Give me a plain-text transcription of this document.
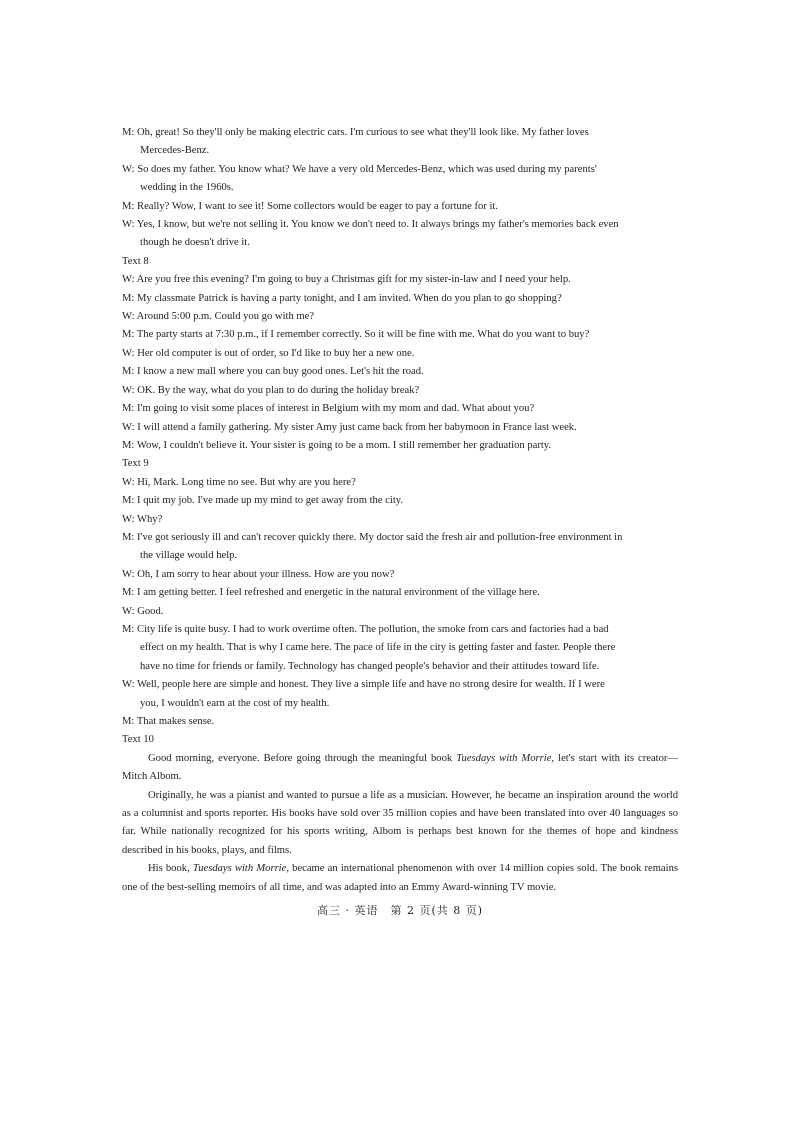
M: Oh, great! So they'll only be making electric cars. I'm curious to see what they'll look like. My father loves
Mercedes-Benz.
W: So does my father. You know what? We have a very old Mercedes-Benz, which was used during my parents'
wedding in the 1960s.
M: Really? Wow, I want to see it! Some collectors would be eager to pay a fortune for it.
W: Yes, I know, but we're not selling it. You know we don't need to. It always brings my father's memories back even
though he doesn't drive it.
Text 8
W: Are you free this evening? I'm going to buy a Christmas gift for my sister-in-law and I need your help.
M: My classmate Patrick is having a party tonight, and I am invited. When do you plan to go shopping?
W: Around 5:00 p.m. Could you go with me?
M: The party starts at 7:30 p.m., if I remember correctly. So it will be fine with me. What do you want to buy?
W: Her old computer is out of order, so I'd like to buy her a new one.
M: I know a new mall where you can buy good ones. Let's hit the road.
W: OK. By the way, what do you plan to do during the holiday break?
M: I'm going to visit some places of interest in Belgium with my mom and dad. What about you?
W: I will attend a family gathering. My sister Amy just came back from her babymoon in France last week.
M: Wow, I couldn't believe it. Your sister is going to be a mom. I still remember her graduation party.
Text 9
W: Hi, Mark. Long time no see. But why are you here?
M: I quit my job. I've made up my mind to get away from the city.
W: Why?
M: I've got seriously ill and can't recover quickly there. My doctor said the fresh air and pollution-free environment in
the village would help.
W: Oh, I am sorry to hear about your illness. How are you now?
M: I am getting better. I feel refreshed and energetic in the natural environment of the village here.
W: Good.
M: City life is quite busy. I had to work overtime often. The pollution, the smoke from cars and factories had a bad
effect on my health. That is why I came here. The pace of life in the city is getting faster and faster. People there
have no time for friends or family. Technology has changed people's behavior and their attitudes toward life.
W: Well, people here are simple and honest. They live a simple life and have no strong desire for wealth. If I were
you, I wouldn't earn at the cost of my health.
M: That makes sense.
Text 10
Good morning, everyone. Before going through the meaningful book Tuesdays with Morrie, let's start with its creator—Mitch Albom.
Originally, he was a pianist and wanted to pursue a life as a musician. However, he became an inspiration around the world as a columnist and sports reporter. His books have sold over 35 million copies and have been translated into over 40 languages so far. While nationally recognized for his sports writing, Albom is perhaps best known for the themes of hope and kindness described in his books, plays, and films.
His book, Tuesdays with Morrie, became an international phenomenon with over 14 million copies sold. The book remains one of the best-selling memoirs of all time, and was adapted into an Emmy Award-winning TV movie.
高三 · 英语　第 2 页(共 8 页)
